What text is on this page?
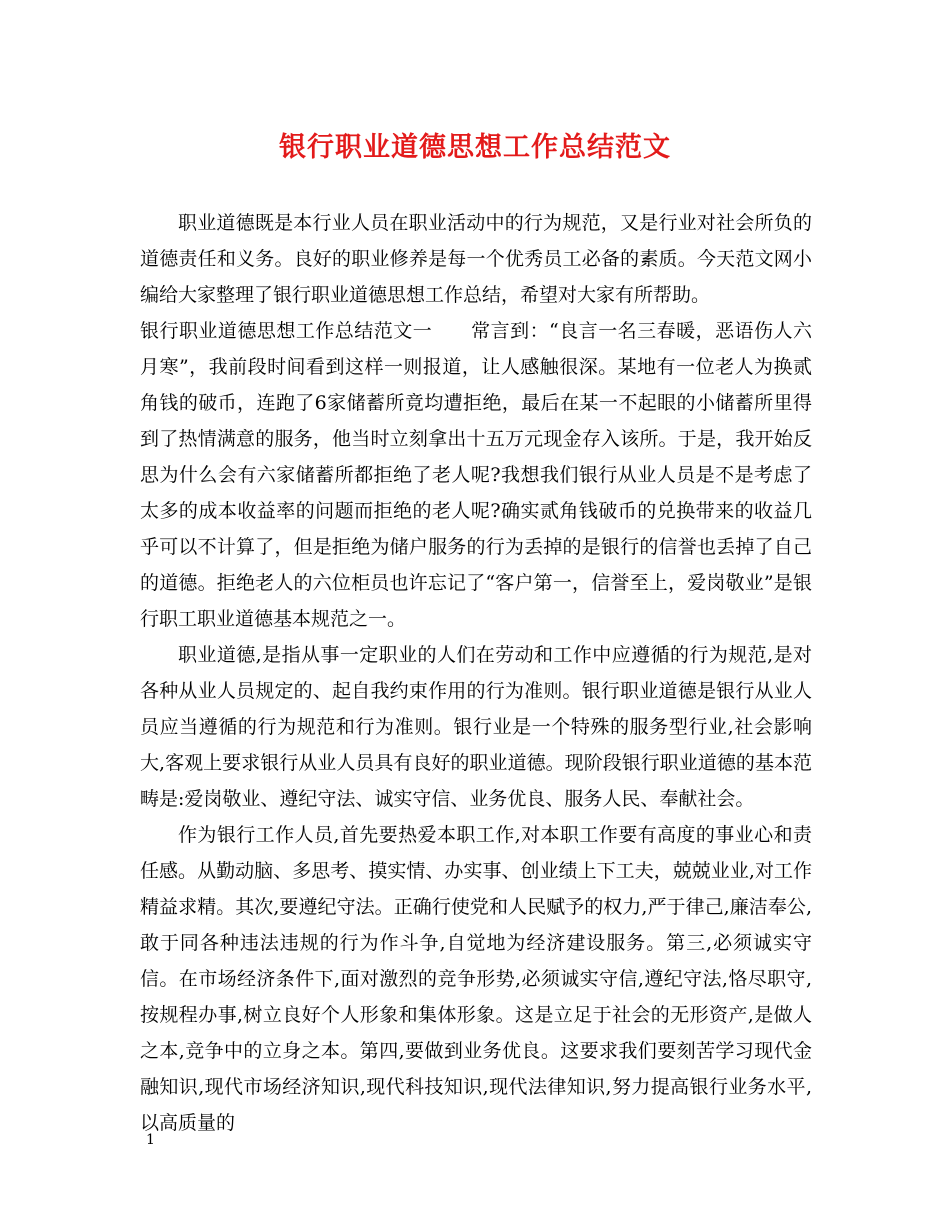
银行职业道德思想工作总结范文

职业道德既是本行业人员在职业活动中的行为规范，又是行业对社会所负的道德责任和义务。良好的职业修养是每一个优秀员工必备的素质。今天范文网小编给大家整理了银行职业道德思想工作总结，希望对大家有所帮助。

银行职业道德思想工作总结范文一　　常言到：“良言一名三春暖，恶语伤人六月寒”，我前段时间看到这样一则报道，让人感触很深。某地有一位老人为换贰角钱的破币，连跑了6家储蓄所竟均遭拒绝，最后在某一不起眼的小储蓄所里得到了热情满意的服务，他当时立刻拿出十五万元现金存入该所。于是，我开始反思为什么会有六家储蓄所都拒绝了老人呢?我想我们银行从业人员是不是考虑了太多的成本收益率的问题而拒绝的老人呢?确实贰角钱破币的兑换带来的收益几乎可以不计算了，但是拒绝为储户服务的行为丢掉的是银行的信誉也丢掉了自己的道德。拒绝老人的六位柜员也许忘记了“客户第一，信誉至上，爱岗敬业”是银行职工职业道德基本规范之一。

职业道德,是指从事一定职业的人们在劳动和工作中应遵循的行为规范,是对各种从业人员规定的、起自我约束作用的行为准则。银行职业道德是银行从业人员应当遵循的行为规范和行为准则。银行业是一个特殊的服务型行业,社会影响大,客观上要求银行从业人员具有良好的职业道德。现阶段银行职业道德的基本范畴是:爱岗敬业、遵纪守法、诚实守信、业务优良、服务人民、奉献社会。

作为银行工作人员,首先要热爱本职工作,对本职工作要有高度的事业心和责任感。从勤动脑、多思考、摸实情、办实事、创业绩上下工夫，兢兢业业,对工作精益求精。其次,要遵纪守法。正确行使党和人民赋予的权力,严于律己,廉洁奉公,敢于同各种违法违规的行为作斗争,自觉地为经济建设服务。第三,必须诚实守信。在市场经济条件下,面对激烈的竞争形势,必须诚实守信,遵纪守法,恪尽职守,按规程办事,树立良好个人形象和集体形象。这是立足于社会的无形资产,是做人之本,竞争中的立身之本。第四,要做到业务优良。这要求我们要刻苦学习现代金融知识,现代市场经济知识,现代科技知识,现代法律知识,努力提高银行业务水平,以高质量的

1
